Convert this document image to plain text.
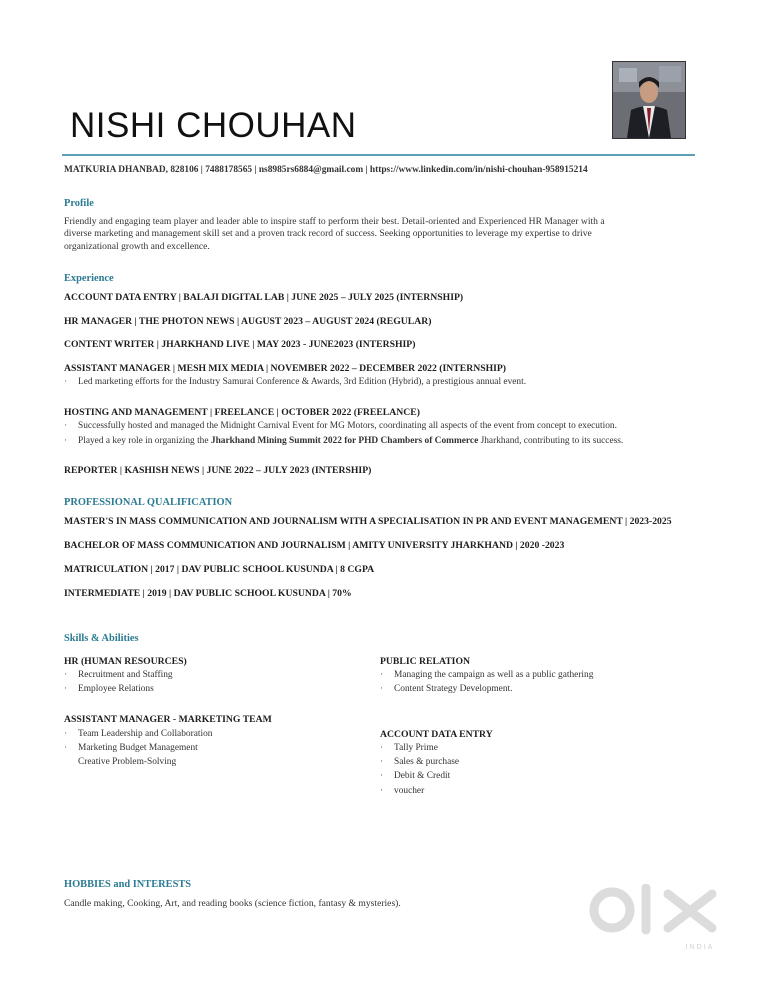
NISHI CHOUHAN
MATKURIA DHANBAD, 828106 | 7488178565 | ns8985rs6884@gmail.com | https://www.linkedin.com/in/nishi-chouhan-958915214
Profile
Friendly and engaging team player and leader able to inspire staff to perform their best. Detail-oriented and Experienced HR Manager with a
diverse marketing and management skill set and a proven track record of success. Seeking opportunities to leverage my expertise to drive
organizational growth and excellence.
Experience
ACCOUNT DATA ENTRY | BALAJI DIGITAL LAB | JUNE 2025 – JULY 2025 (INTERNSHIP)
HR MANAGER | THE PHOTON NEWS | AUGUST 2023 – AUGUST 2024 (REGULAR)
CONTENT WRITER | JHARKHAND LIVE | MAY 2023 - JUNE2023 (INTERSHIP)
ASSISTANT MANAGER | MESH MIX MEDIA | NOVEMBER 2022 – DECEMBER 2022 (INTERNSHIP)
· Led marketing efforts for the Industry Samurai Conference & Awards, 3rd Edition (Hybrid), a prestigious annual event.
HOSTING AND MANAGEMENT | FREELANCE | OCTOBER 2022 (FREELANCE)
· Successfully hosted and managed the Midnight Carnival Event for MG Motors, coordinating all aspects of the event from concept to execution.
· Played a key role in organizing the Jharkhand Mining Summit 2022 for PHD Chambers of Commerce Jharkhand, contributing to its success.
REPORTER | KASHISH NEWS | JUNE 2022 – JULY 2023 (INTERSHIP)
PROFESSIONAL QUALIFICATION
MASTER'S IN MASS COMMUNICATION AND JOURNALISM WITH A SPECIALISATION IN PR AND EVENT MANAGEMENT | 2023-2025
BACHELOR OF MASS COMMUNICATION AND JOURNALISM | AMITY UNIVERSITY JHARKHAND | 2020 -2023
MATRICULATION | 2017 | DAV PUBLIC SCHOOL KUSUNDA | 8 CGPA
INTERMEDIATE | 2019 | DAV PUBLIC SCHOOL KUSUNDA | 70%
Skills & Abilities
HR (HUMAN RESOURCES)
· Recruitment and Staffing
· Employee Relations
PUBLIC RELATION
· Managing the campaign as well as a public gathering
· Content Strategy Development.
ASSISTANT MANAGER - MARKETING TEAM
· Team Leadership and Collaboration
· Marketing Budget Management
Creative Problem-Solving
ACCOUNT DATA ENTRY
· Tally Prime
· Sales & purchase
· Debit & Credit
· voucher
HOBBIES and INTERESTS
Candle making, Cooking, Art, and reading books (science fiction, fantasy & mysteries).
INDIA
